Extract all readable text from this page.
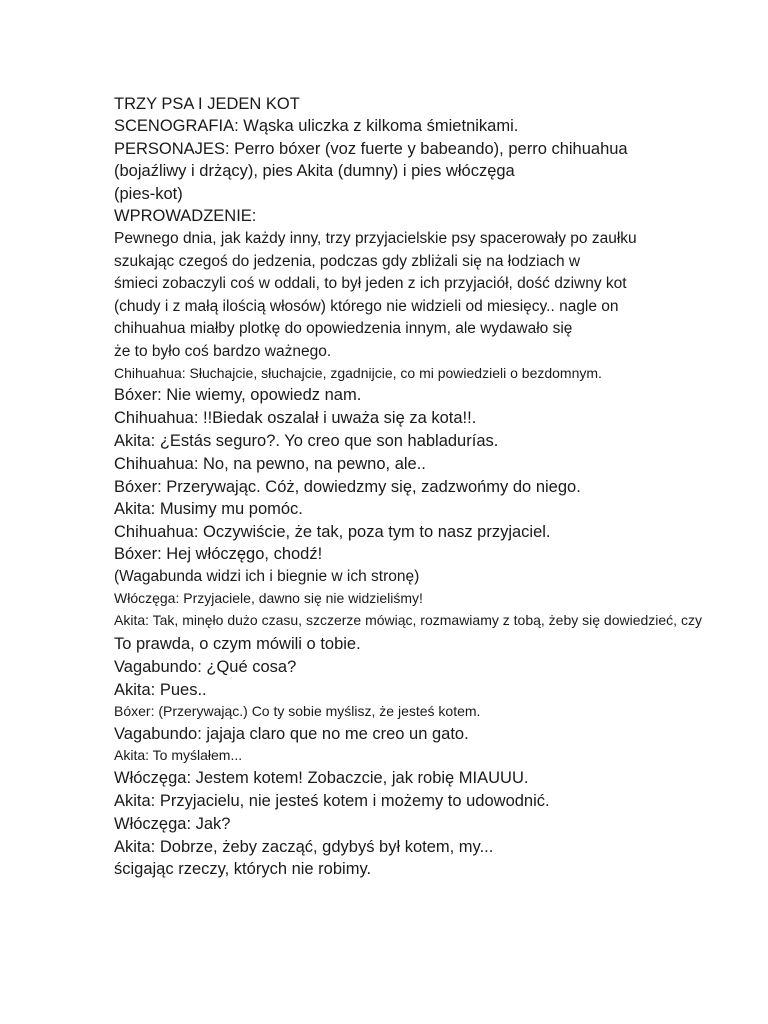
TRZY PSA I JEDEN KOT
SCENOGRAFIA: Wąska uliczka z kilkoma śmietnikami.
PERSONAJES: Perro bóxer (voz fuerte y babeando), perro chihuahua
(bojaźliwy i drżący), pies Akita (dumny) i pies włóczęga
(pies-kot)
WPROWADZENIE:
Pewnego dnia, jak każdy inny, trzy przyjacielskie psy spacerowały po zaułku
szukając czegoś do jedzenia, podczas gdy zbliżali się na łodziach w
śmieci zobaczyli coś w oddali, to był jeden z ich przyjaciół, dość dziwny kot
(chudy i z małą ilością włosów) którego nie widzieli od miesięcy.. nagle on
chihuahua miałby plotkę do opowiedzenia innym, ale wydawało się
że to było coś bardzo ważnego.
Chihuahua: Słuchajcie, słuchajcie, zgadnijcie, co mi powiedzieli o bezdomnym.
Bóxer: Nie wiemy, opowiedz nam.
Chihuahua: !!Biedak oszalał i uważa się za kota!!.
Akita: ¿Estás seguro?. Yo creo que son habladurías.
Chihuahua: No, na pewno, na pewno, ale..
Bóxer: Przerywając. Cóż, dowiedzmy się, zadzwońmy do niego.
Akita: Musimy mu pomóc.
Chihuahua: Oczywiście, że tak, poza tym to nasz przyjaciel.
Bóxer: Hej włóczęgo, chodź!
(Wagabunda widzi ich i biegnie w ich stronę)
Włóczęga: Przyjaciele, dawno się nie widzieliśmy!
Akita: Tak, minęło dużo czasu, szczerze mówiąc, rozmawiamy z tobą, żeby się dowiedzieć, czy
To prawda, o czym mówili o tobie.
Vagabundo: ¿Qué cosa?
Akita: Pues..
Bóxer: (Przerywając.) Co ty sobie myślisz, że jesteś kotem.
Vagabundo: jajaja claro que no me creo un gato.
Akita: To myślałem...
Włóczęga: Jestem kotem! Zobaczcie, jak robię MIAUUU.
Akita: Przyjacielu, nie jesteś kotem i możemy to udowodnić.
Włóczęga: Jak?
Akita: Dobrze, żeby zacząć, gdybyś był kotem, my...
ścigając rzeczy, których nie robimy.
